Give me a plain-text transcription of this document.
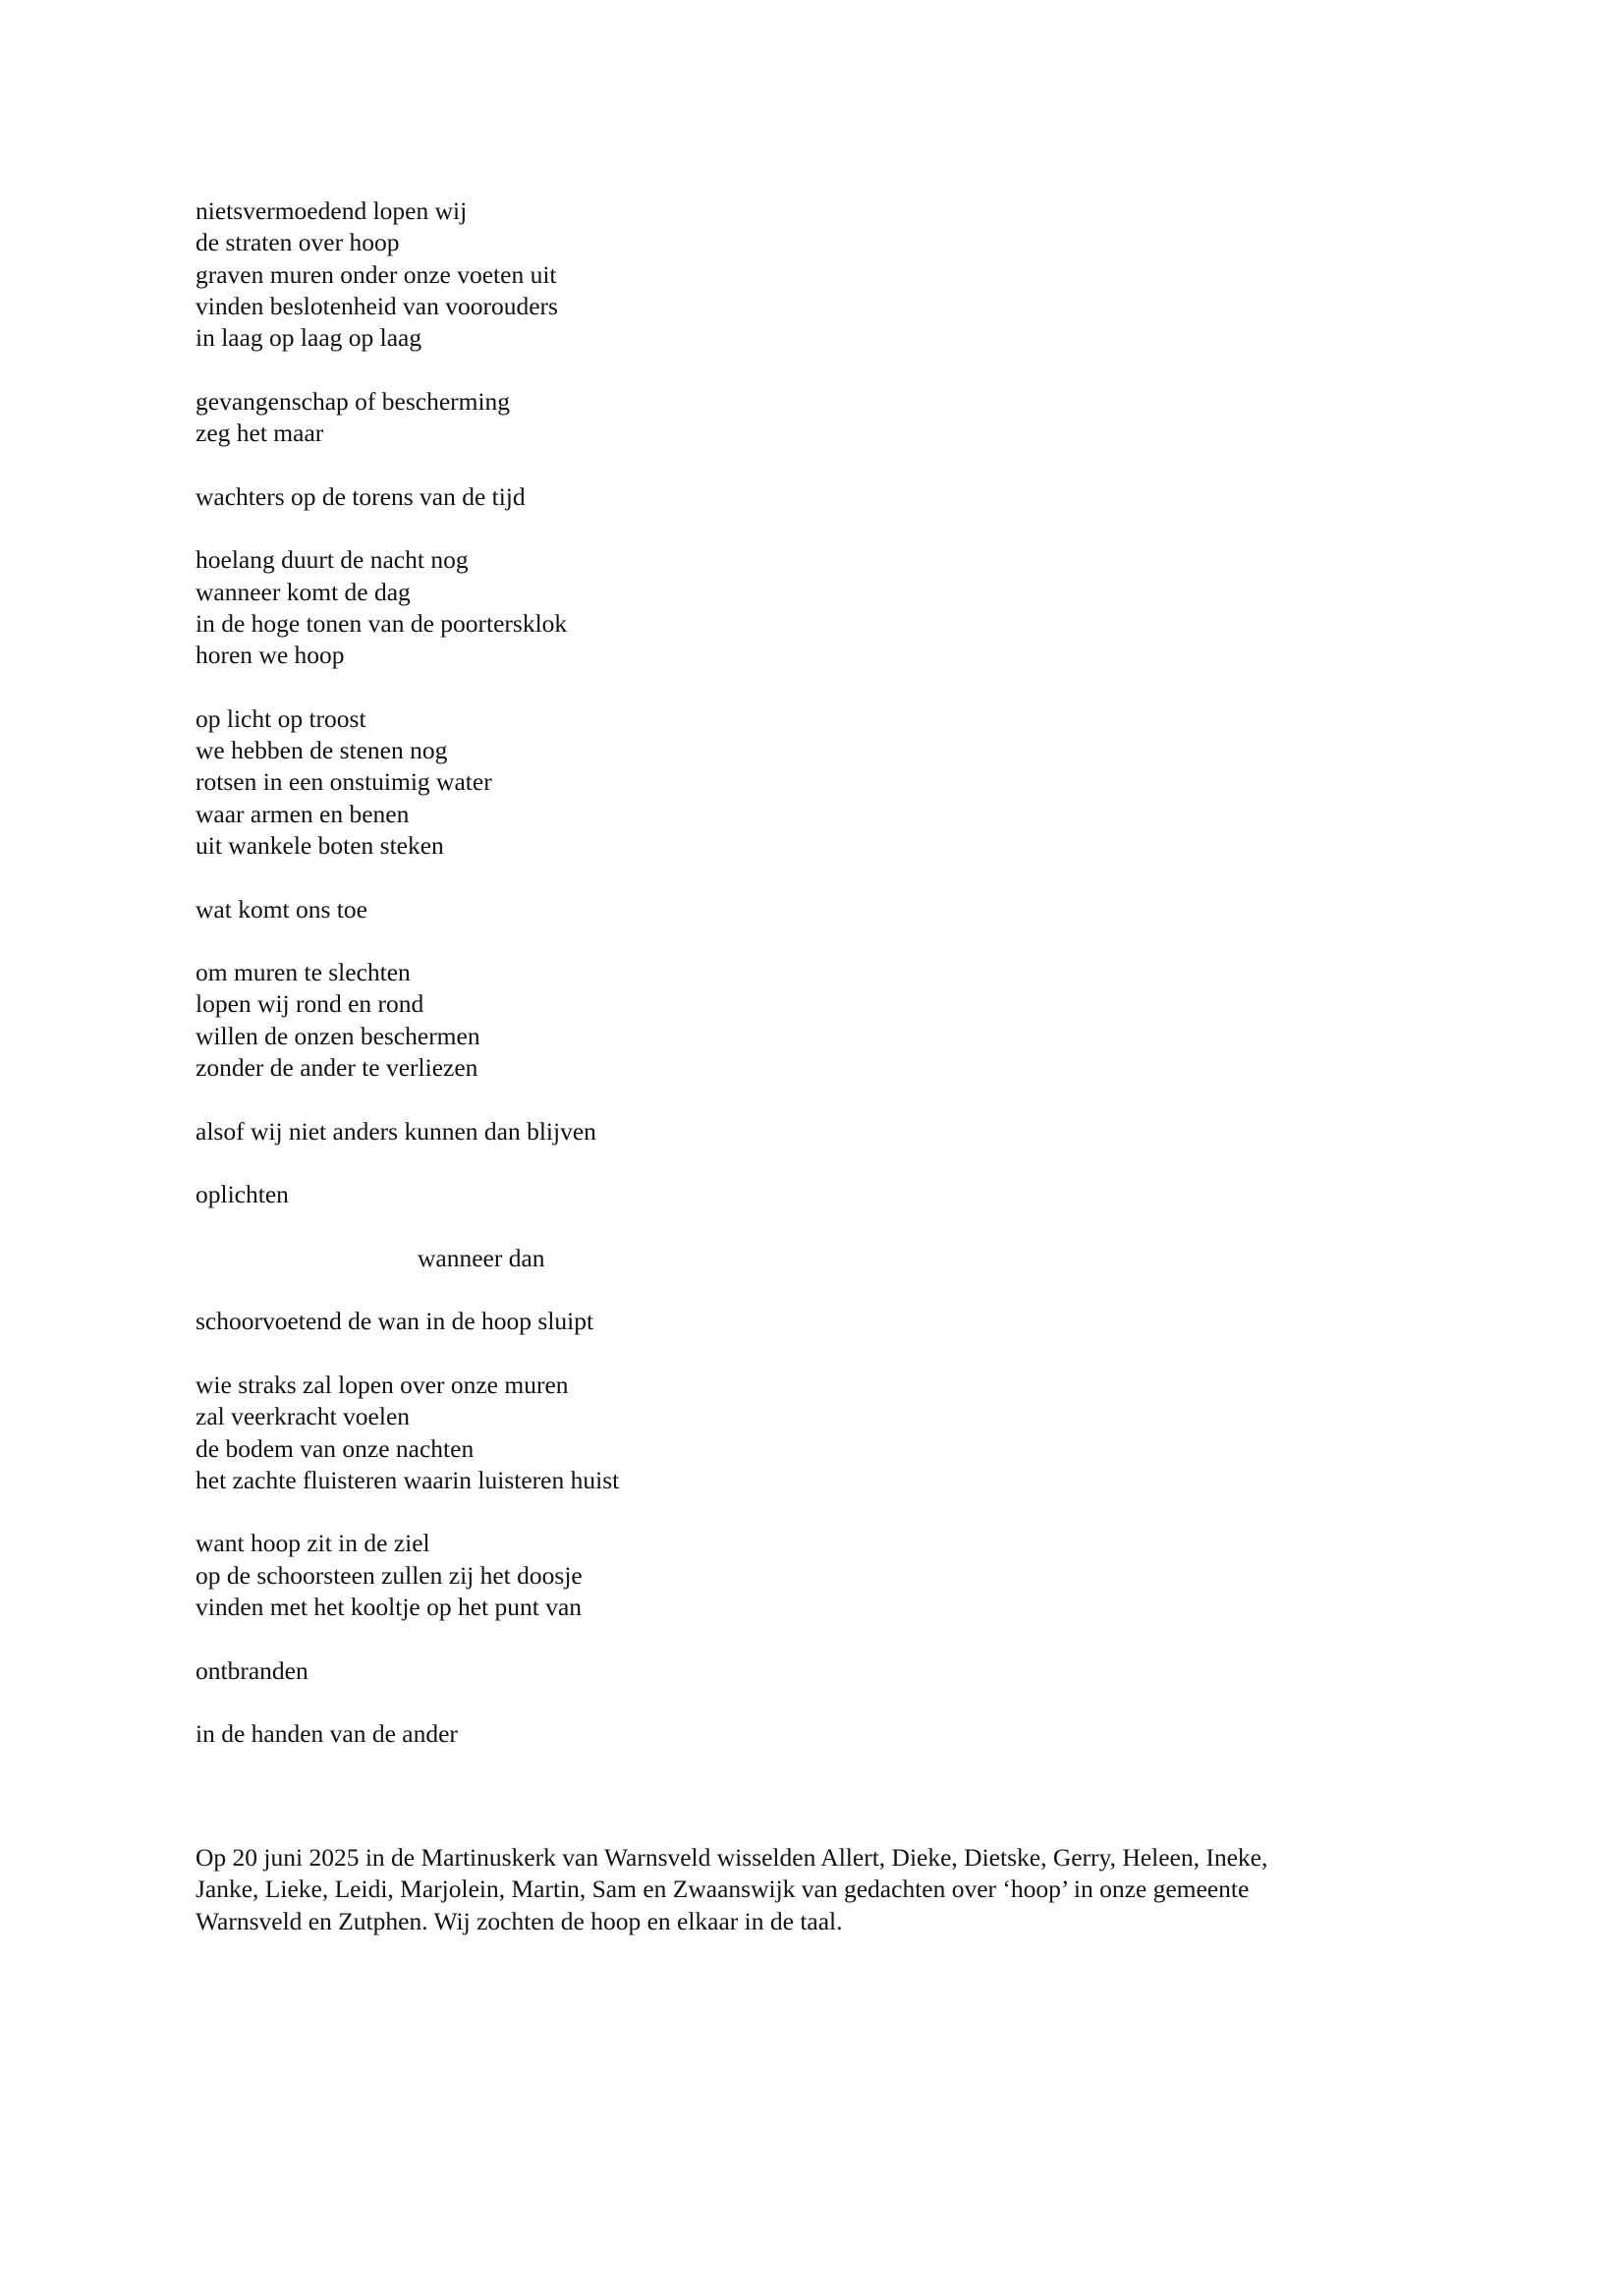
nietsvermoedend lopen wij
de straten over hoop
graven muren onder onze voeten uit
vinden beslotenheid van voorouders
in laag op laag op laag
gevangenschap of bescherming
zeg het maar
wachters op de torens van de tijd
hoelang duurt de nacht nog
wanneer komt de dag
in de hoge tonen van de poortersklok
horen we hoop
op licht op troost
we hebben de stenen nog
rotsen in een onstuimig water
waar armen en benen
uit wankele boten steken
wat komt ons toe
om muren te slechten
lopen wij rond en rond
willen de onzen beschermen
zonder de ander te verliezen
alsof wij niet anders kunnen dan blijven
oplichten
wanneer dan
schoorvoetend de wan in de hoop sluipt
wie straks zal lopen over onze muren
zal veerkracht voelen
de bodem van onze nachten
het zachte fluisteren waarin luisteren huist
want hoop zit in de ziel
op de schoorsteen zullen zij het doosje
vinden met het kooltje op het punt van
ontbranden
in de handen van de ander
Op 20 juni 2025 in de Martinuskerk van Warnsveld wisselden Allert, Dieke, Dietske, Gerry, Heleen, Ineke,
Janke, Lieke, Leidi, Marjolein, Martin, Sam en Zwaanswijk van gedachten over ‘hoop’ in onze gemeente
Warnsveld en Zutphen. Wij zochten de hoop en elkaar in de taal.
